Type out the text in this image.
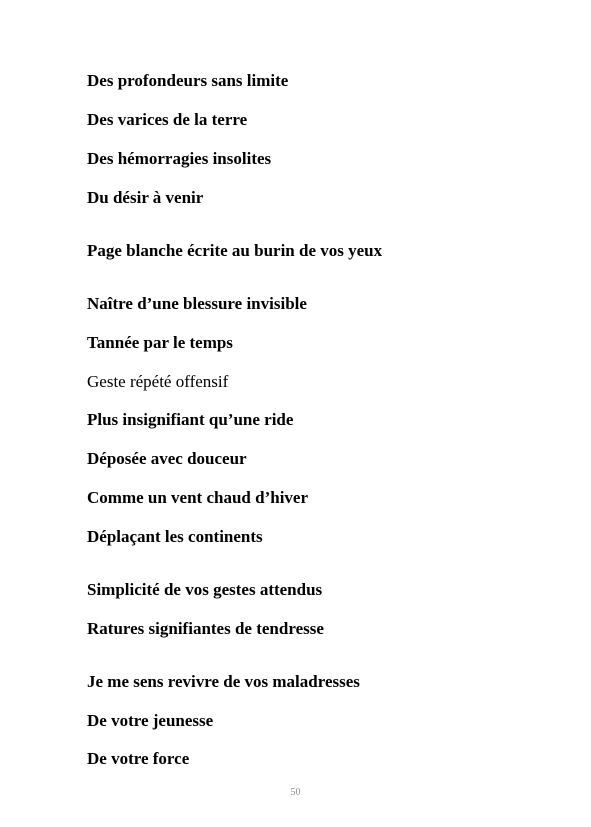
Des profondeurs sans limite
Des varices de la terre
Des hémorragies insolites
Du désir à venir
Page blanche écrite au burin de vos yeux
Naître d’une blessure invisible
Tannée par le temps
Geste répété offensif
Plus insignifiant qu’une ride
Déposée avec douceur
Comme un vent chaud d’hiver
Déplaçant les continents
Simplicité de vos gestes attendus
Ratures signifiantes de tendresse
Je me sens revivre de vos maladresses
De votre jeunesse
De votre force
50
